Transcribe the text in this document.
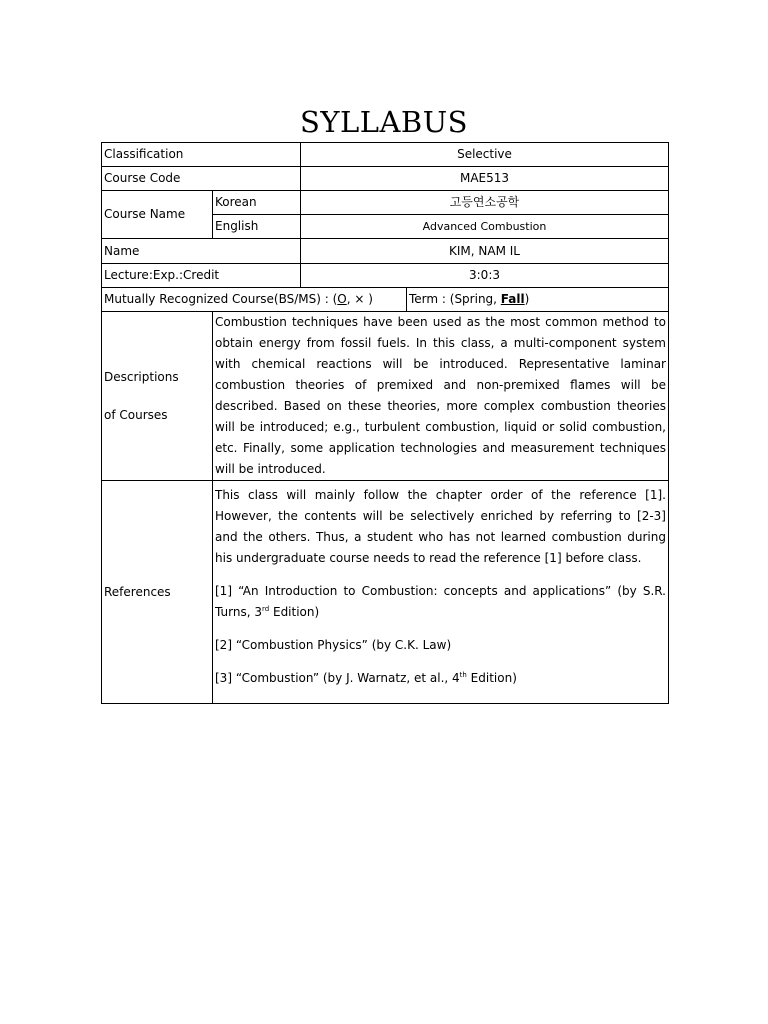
SYLLABUS
Classification		Selective	
Course Code		MAE513	
Course Name	Korean	고등연소공학	
	English	Advanced Combustion	
Name		KIM, NAM IL	
Lecture:Exp.:Credit		3:0:3	
Mutually Recognized Course(BS/MS) : (O, × )			Term : (Spring, Fall)

Descriptions
of Courses	Combustion techniques have been used as the most common method to obtain energy from fossil fuels. In this class, a multi-component system with chemical reactions will be introduced. Representative laminar combustion theories of premixed and non-premixed flames will be described. Based on these theories, more complex combustion theories will be introduced; e.g., turbulent combustion, liquid or solid combustion, etc. Finally, some application technologies and measurement techniques will be introduced.		

References	This class will mainly follow the chapter order of the reference [1]. However, the contents will be selectively enriched by referring to [2-3] and the others. Thus, a student who has not learned combustion during his undergraduate course needs to read the reference [1] before class.

[1] “An Introduction to Combustion: concepts and applications” (by S.R. Turns, 3rd Edition)

[2] “Combustion Physics” (by C.K. Law)

[3] “Combustion” (by J. Warnatz, et al., 4th Edition)		
